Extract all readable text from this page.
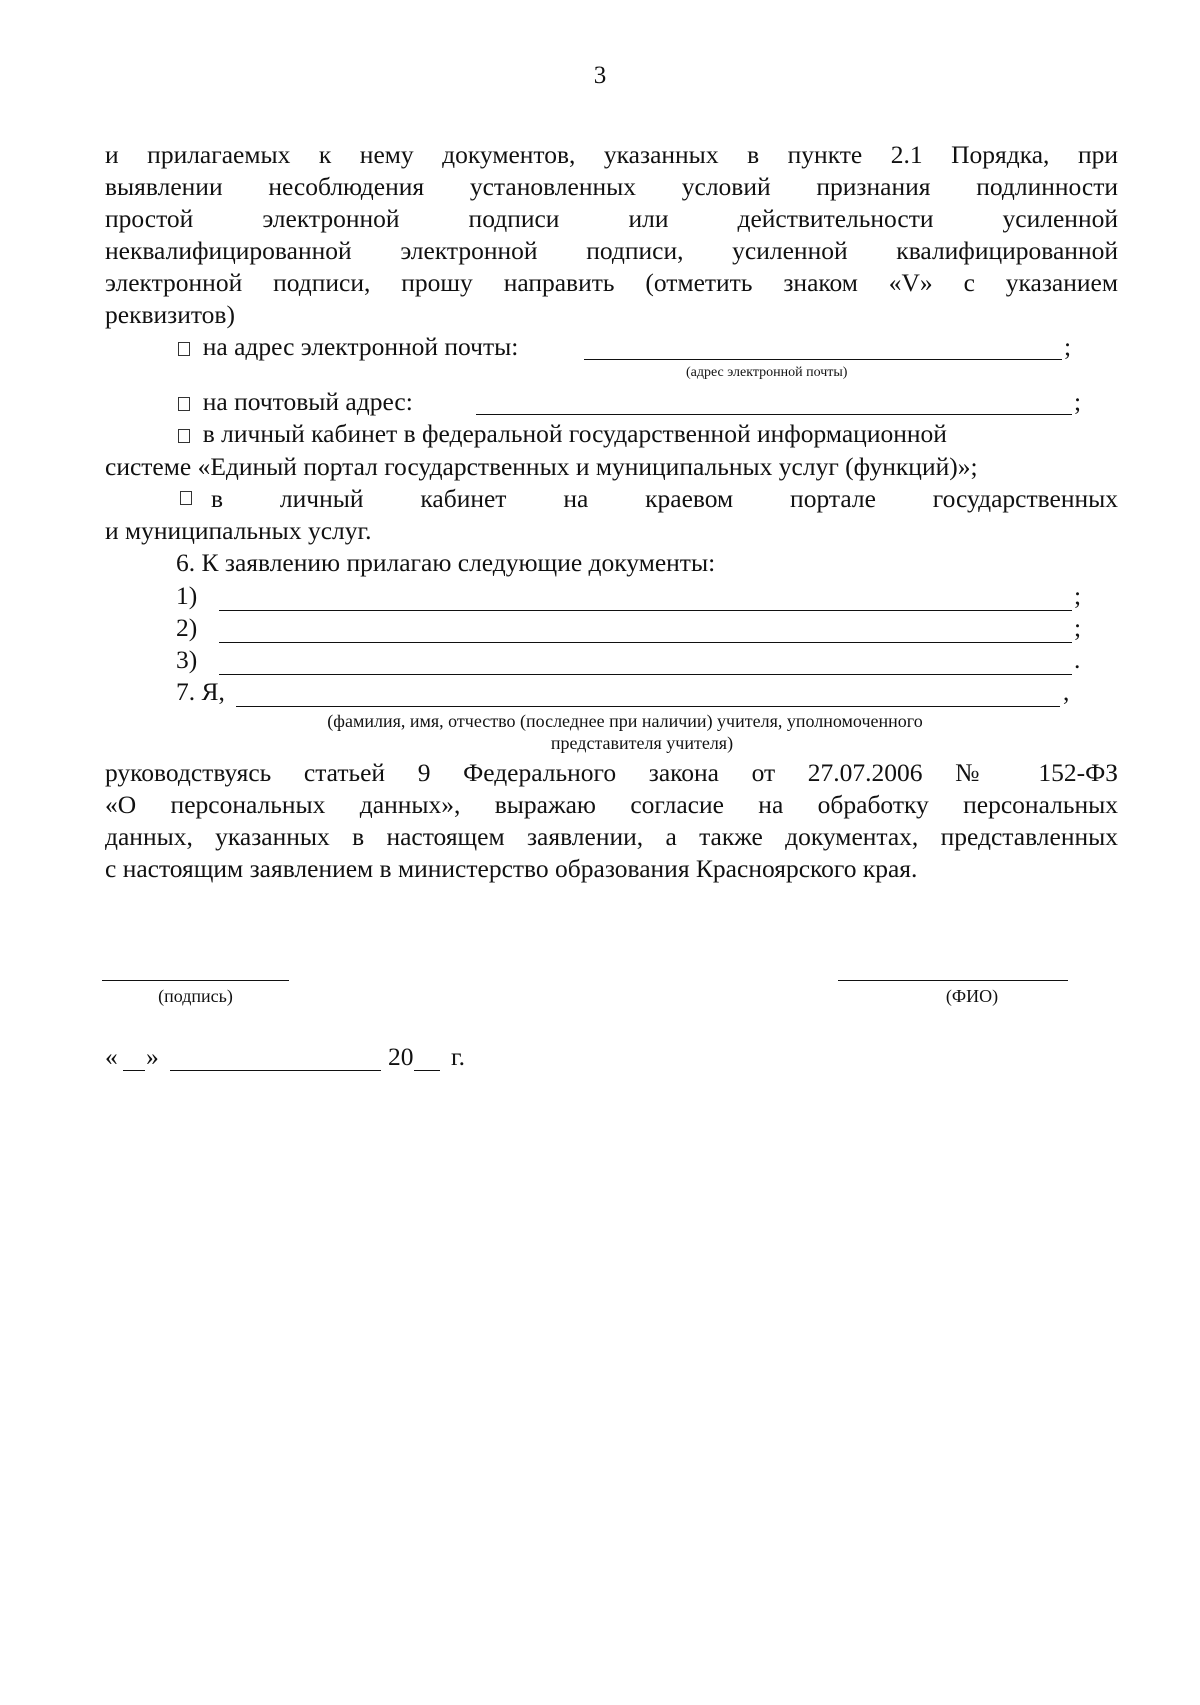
3
и прилагаемых к нему документов, указанных в пункте 2.1 Порядка, при
выявлении несоблюдения установленных условий признания подлинности
простой электронной подписи или действительности усиленной
неквалифицированной электронной подписи, усиленной квалифицированной
электронной подписи, прошу направить (отметить знаком «V» с указанием
реквизитов)
на адрес электронной почты:	;
(адрес электронной почты)
на почтовый адрес:	;
в личный кабинет в федеральной государственной информационной
системе «Единый портал государственных и муниципальных услуг (функций)»;
в личный кабинет на краевом портале государственных
и муниципальных услуг.
6. К заявлению прилагаю следующие документы:
1)	;
2)	;
3)	.
7. Я,	,
(фамилия, имя, отчество (последнее при наличии) учителя, уполномоченного
представителя учителя)
руководствуясь статьей 9 Федерального закона от 27.07.2006 № 152-ФЗ
«О персональных данных», выражаю согласие на обработку персональных
данных, указанных в настоящем заявлении, а также документах, представленных
с настоящим заявлением в министерство образования Красноярского края.
(подпись)	(ФИО)
« »	20 г.
